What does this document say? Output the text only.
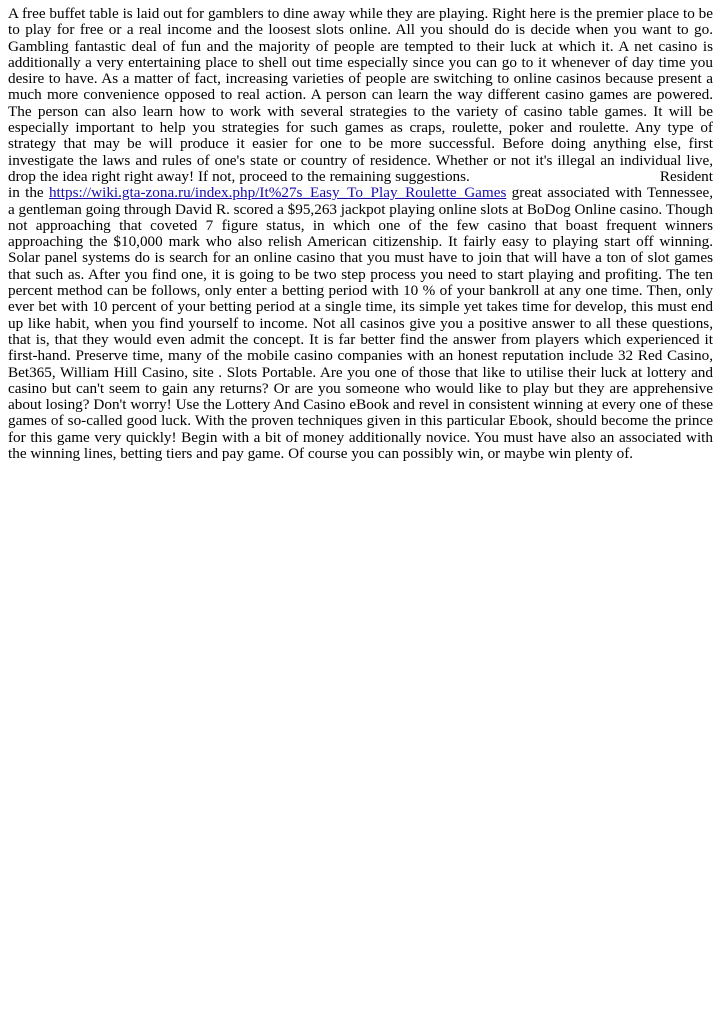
A free buffet table is laid out for gamblers to dine away while they are playing. Right here is the premier place to be to play for free or a real income and the loosest slots online. All you should do is decide when you want to go. Gambling fantastic deal of fun and the majority of people are tempted to their luck at which it. A net casino is additionally a very entertaining place to shell out time especially since you can go to it whenever of day time you desire to have. As a matter of fact, increasing varieties of people are switching to online casinos because present a much more convenience opposed to real action. A person can learn the way different casino games are powered. The person can also learn how to work with several strategies to the variety of casino table games. It will be especially important to help you strategies for such games as craps, roulette, poker and roulette. Any type of strategy that may be will produce it easier for one to be more successful. Before doing anything else, first investigate the laws and rules of one's state or country of residence. Whether or not it's illegal an individual live, drop the idea right right away! If not, proceed to the remaining suggestions.	Resident in the https://wiki.gta-zona.ru/index.php/It%27s_Easy_To_Play_Roulette_Games great associated with Tennessee, a gentleman going through David R. scored a $95,263 jackpot playing online slots at BoDog Online casino. Though not approaching that coveted 7 figure status, in which one of the few casino that boast frequent winners approaching the $10,000 mark who also relish American citizenship. It fairly easy to playing start off winning. Solar panel systems do is search for an online casino that you must have to join that will have a ton of slot games that such as. After you find one, it is going to be two step process you need to start playing and profiting. The ten percent method can be follows, only enter a betting period with 10 % of your bankroll at any one time. Then, only ever bet with 10 percent of your betting period at a single time, its simple yet takes time for develop, this must end up like habit, when you find yourself to income. Not all casinos give you a positive answer to all these questions, that is, that they would even admit the concept. It is far better find the answer from players which experienced it first-hand. Preserve time, many of the mobile casino companies with an honest reputation include 32 Red Casino, Bet365, William Hill Casino, site . Slots Portable. Are you one of those that like to utilise their luck at lottery and casino but can't seem to gain any returns? Or are you someone who would like to play but they are apprehensive about losing? Don't worry! Use the Lottery And Casino eBook and revel in consistent winning at every one of these games of so-called good luck. With the proven techniques given in this particular Ebook, should become the prince for this game very quickly! Begin with a bit of money additionally novice. You must have also an associated with the winning lines, betting tiers and pay game. Of course you can possibly win, or maybe win plenty of.
